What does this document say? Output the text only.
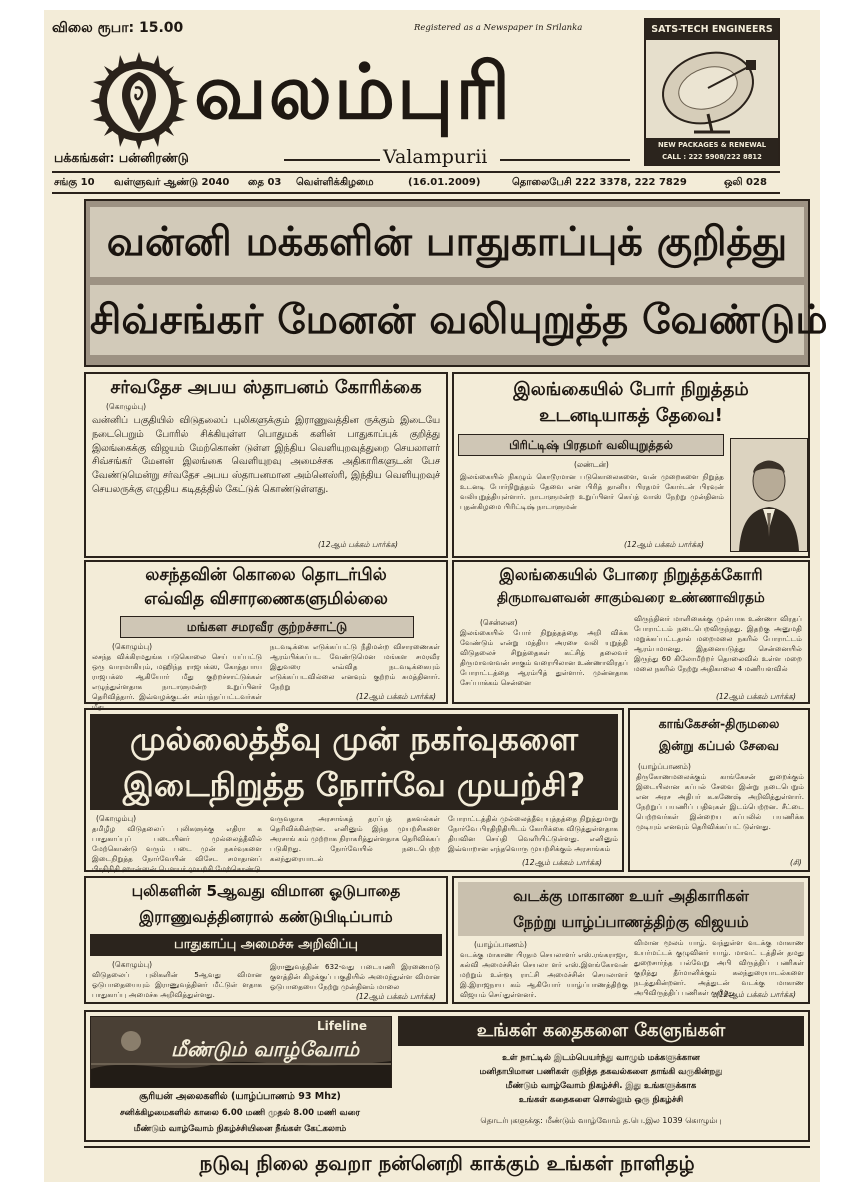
விலை ரூபா: 15.00	Registered as a Newspaper in Srilanka
வலம்புரி
பக்கங்கள்: பன்னிரண்டு	Valampurii
SATS-TECH ENGINEERS
NEW PACKAGES & RENEWAL
CALL : 222 5908/222 8812
சங்கு 10 வள்ளுவர் ஆண்டு 2040 தை 03 வெள்ளிக்கிழமை	(16.01.2009)	தொலைபேசி 222 3378, 222 7829	ஒலி 028
வன்னி மக்களின் பாதுகாப்புக் குறித்து
சிவ்சங்கர் மேனன் வலியுறுத்த வேண்டும்
சர்வதேச அபய ஸ்தாபனம் கோரிக்கை
(கொழும்பு)
வன்னிப் பகுதியில் விடுதலைப் புலிகளுக்கும் இராணுவத்தின ருக்கும் இடையே நடைபெறும் போரில் சிக்கியுள்ள பொதுமக் களின் பாதுகாப்புக் குறித்து இலங்கைக்கு விஜயம் மேற்கொண் டுள்ள இந்திய வெளியுறவுத்துறை செயலாளர் சிவ்சங்கர் மேனன் இலங்கை வெளியுறவு அமைச்சக அதிகாரிகளுடன் பேச வேண்டுமென்று சர்வதேச அபய ஸ்தாபனமான அம்னெஸ்ரி, இந்திய வெளியுறவுச் செயலருக்கு எழுதிய கடிதத்தில் கேட்டுக் கொண்டுள்ளது.
(12ஆம் பக்கம் பார்க்க)
இலங்கையில் போர் நிறுத்தம்
உடனடியாகத் தேவை!
பிரிட்டிஷ் பிரதமர் வலியுறுத்தல்
(லண்டன்)
இலங்கையில் நிகழும் கொடூரமான படுகொலைகளை, வன் முறைகளை நிறுத்த உடனடி போர்நிறுத்தம் தேவை என பிரித் தானிய பிரதமர் கோர்டன் பிரவுன் வலியுறுத்தியுள்ளார். நாடாளுமன்ற உறுப்பினர் கெய்த் வாஸ் நேற்று முன்தினம் புதன்கிழமை பிரிட்டிஷ் நாடாளுமன்
(12ஆம் பக்கம் பார்க்க)
லசந்தவின் கொலை தொடர்பில்
எவ்வித விசாரணைகளுமில்லை
மங்கள சமரவீர குற்றச்சாட்டு
(கொழும்பு)
லசந்த விக்கிரமதுங்க படுகொலை செய் யப்பட்டு ஒரு வாரமாகியும், மஹிந்த ராஜபக்ஸ, கோத்தபாய ராஜபக்ஸ ஆகியோர் மீது குற்றச்சாட்டுக்கள் எழுந்துள்ளதாக நாடாளுமன்ற உறுப்பினர் தெரிவித்தார். இவ்வழக்குடன் சம்பந்தப்பட்டவர்கள் மீது
நடவடிக்கை எடுக்கப்பட்டு நீதிமன்ற விசாரணைகள் ஆரம்பிக்கப்பட வேண்டுமென மங்கள சமரவீர இதுவரை எவ்வித நடவடிக்கையும் எடுக்கப்படவில்லை எனவும் குற்றம் சுமத்தினார். நேற்று
(12ஆம் பக்கம் பார்க்க)
இலங்கையில் போரை நிறுத்தக்கோரி
திருமாவளவன் சாகும்வரை உண்ணாவிரதம்
(சென்னை)
இலங்கையில் போர் நிறுத்தத்தை அறி விக்க வேண்டும் என்று மத்திய அரசை வலி யுறுத்தி விடுதலைச் சிறுத்தைகள் கட்சித் தலைவர் திருமாவளவன் சாகும் வரையிலான உண்ணாவிரதப் போராட்டத்தை ஆரம்பித் துள்ளார். முன்னதாக சேப்பாக்கம் சென்னை
விருந்தினர் மாளிகைக்கு முன்பாக உண்ணா விரதப் போராட்டம் நடைபெறவிருந்தது. இதற்கு அனுமதி மறுக்கப்பட்டதால் மறைமலை நகரில் போராட்டம் ஆரம்பமானது. இதனையடுத்து சென்னையில் இருந்து 60 கிலோமீற்றர் தொலைவில் உள்ள மறை மலை நகரில் நேற்று அதிகாலை 4 மணியளவில்
(12ஆம் பக்கம் பார்க்க)
முல்லைத்தீவு முன் நகர்வுகளை
இடைநிறுத்த நோர்வே முயற்சி?
(கொழும்பு)
தமிழீழ விடுதலைப் புலிகளுக்கு எதிரா க பாதுகாப்புப் படையினர் முல்லைத்தீவில் மேற்கொண்டு வரும் படை முன் நகர்வுகளை இடைநிறுத்த நோர்வேயின் விசேட சமாதானப் பிரதிநிதி ஹான்ஸன் பௌயர் முயற்சி மேற்கொண்டு
வருவதாக அரசாங்கத் தரப்புத் தகவல்கள் தெரிவிக்கின்றன. எனினும் இந்த முயற்சிகளை அரசாங் கம் முற்றாக நிராகரித்துள்ளதாக தெரிவிக்கப் படுகிறது. நோர்வேயில் நடைபெற்ற கலந்துரையாடல்
போராட்டத்தில் முல்லைத்தீவு யுத்தத்தை நிறுத்துமாறு நோர்வே பிரதிநிதியிடம் கோரிக்கை விடுத்துள்ளதாக தியவின செய்தி வெளியிட்டுள்ளது. எனினும் இவ்வாறான எந்தவொரு முயற்சிக்கும் அரசாங்கம்
(12ஆம் பக்கம் பார்க்க)
காங்கேசன்-திருமலை
இன்று கப்பல் சேவை
(யாழ்ப்பாணம்)
திருகோணமலைக்கும் காங்கேசன் துறைக்கும் இடையிலான கப்பல் சேவை இன்று நடைபெறும் என அரச அதிபர் க.கணேஷ் அறிவித்துள்ளார். நேற்றுப் பயணிப் பதிவுகள் இடம்பெற்றன. சீட்டை பெற்றவர்கள் இன்றைய கப்பலில் பயணிக்க முடியும் எனவும் தெரிவிக்கப்பட் டுள்ளது.
(சி)
புலிகளின் 5ஆவது விமான ஓடுபாதை
இராணுவத்தினரால் கண்டுபிடிப்பாம்
பாதுகாப்பு அமைச்சு அறிவிப்பு
(கொழும்பு)
விடுதலைப் புலிகளின் 5ஆவது விமான ஓடுபாதையையும் இராணுவத்தினர் மீட்டுள் ளதாக பாதுகாப்பு அமைச்சு அறிவித்துள்ளது.
இராணுவத்தின் 632-வது படையணி இரணைமடு குளத்தின் கிழக்குப் பகுதியில் அமைந்துள்ள விமான ஓடுபாதையை நேற்று முன்தினம் மாலை
(12ஆம் பக்கம் பார்க்க)
வடக்கு மாகாண உயர் அதிகாரிகள்
நேற்று யாழ்ப்பாணத்திற்கு விஜயம்
(யாழ்ப்பாணம்)
வடக்கு மாகாண பிரதம செயலாளர் எஸ்.ரங்கராஜா, கல்வி அமைச்சின் செயலா ளர் எஸ்.இளங்கோவன் மற்றும் உள்ளூ ராட்சி அமைச்சின் செயலாளர் இ.இராஜநாய கம் ஆகியோர் யாழ்ப்பாணத்திற்கு விஜயம் செய்துள்ளனர்.
விமான மூலம் யாழ். வந்துள்ள வடக்கு மாகாண உயர்மட்டக் குழுவினர் யாழ். மாவட் டத்தின் தமது துறைசார்ந்த பல்வேறு அபி விருத்திப் பணிகள் குறித்து தீர்மானிக்கும் கலந்துரையாடல்களை நடத்துகின்றனர். அத்துடன் வடக்கு மாகாண அபிவிருத்திப் பணிகள் குறித்து
(12ஆம் பக்கம் பார்க்க)
Lifeline
மீண்டும் வாழ்வோம்
சூரியன் அலைகளில் (யாழ்ப்பாணம் 93 Mhz)
சனிக்கிழமைகளில் காலை 6.00 மணி முதல் 8.00 மணி வரை
மீண்டும் வாழ்வோம் நிகழ்ச்சியினை நீங்கள் கேட்கலாம்
உங்கள் கதைகளை கேளுங்கள்
உள் நாட்டில் இடம்பெயர்ந்து வாழும் மக்களுக்கான
மனிதாபிமான பணிகள் குறித்த தகவல்களை தாங்கி வருகின்றது
மீண்டும் வாழ்வோம் நிகழ்ச்சி. இது உங்களுக்காக
உங்கள் கதைகளை சொல்லும் ஒரு நிகழ்ச்சி
தொடர்புகளுக்கு: மீண்டும் வாழ்வோம் த.பெ.இல 1039 கொழும்பு
நடுவு நிலை தவறா நன்னெறி காக்கும் உங்கள் நாளிதழ்
